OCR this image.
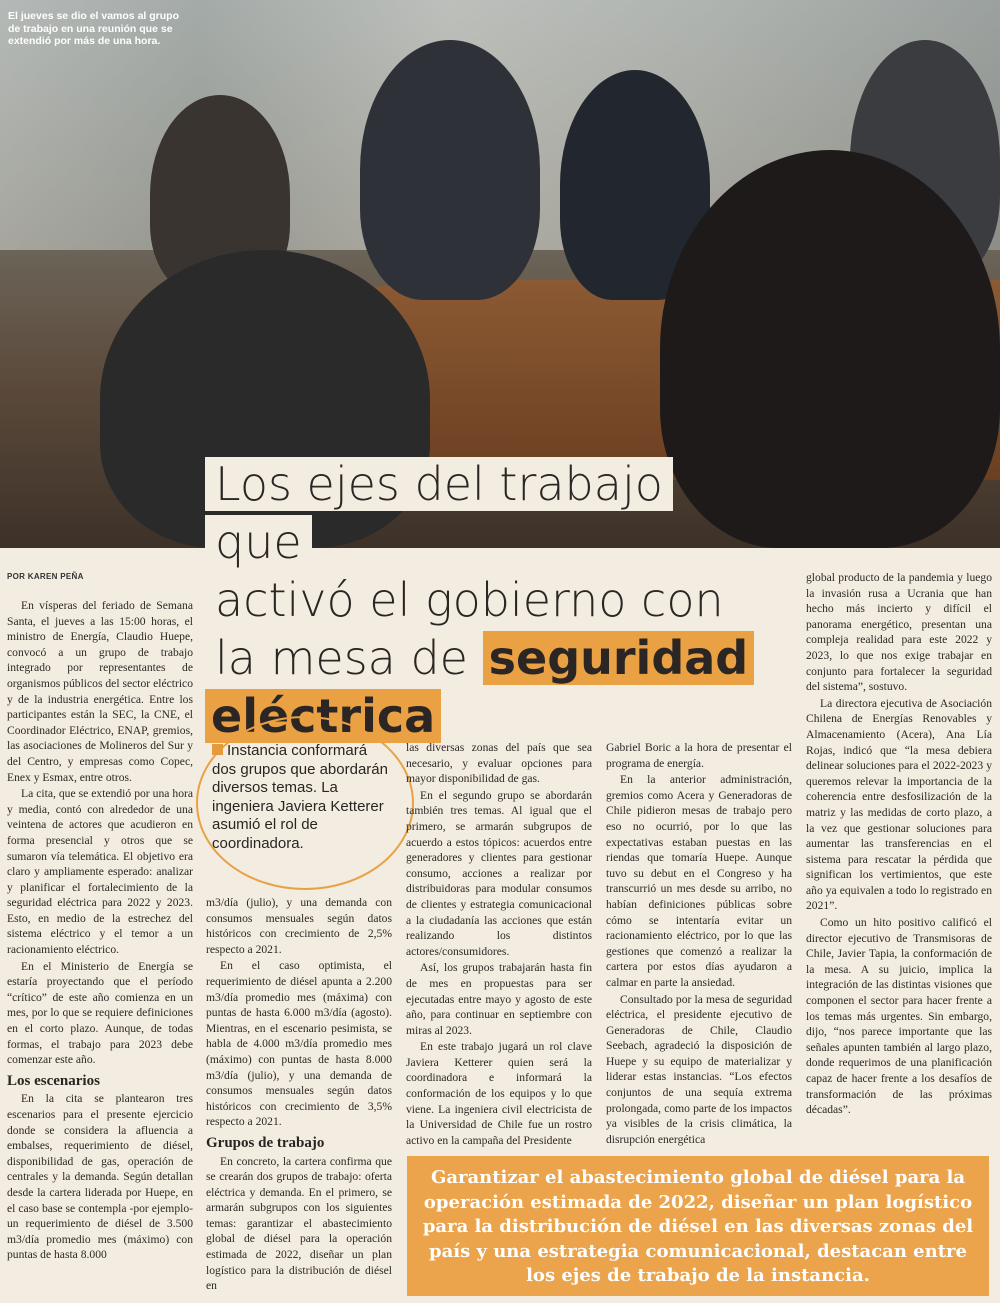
El jueves se dio el vamos al grupo de trabajo en una reunión que se extendió por más de una hora.
Los ejes del trabajo que
activó el gobierno con
la mesa de seguridad
eléctrica
POR KAREN PEÑA

En vísperas del feriado de Semana Santa, el jueves a las 15:00 horas, el ministro de Energía, Claudio Huepe, convocó a un grupo de trabajo integrado por representantes de organismos públicos del sector eléctrico y de la industria energética. Entre los participantes están la SEC, la CNE, el Coordinador Eléctrico, ENAP, gremios, las asociaciones de Molineros del Sur y del Centro, y empresas como Copec, Enex y Esmax, entre otros.

La cita, que se extendió por una hora y media, contó con alrededor de una veintena de actores que acudieron en forma presencial y otros que se sumaron vía telemática. El objetivo era claro y ampliamente esperado: analizar y planificar el fortalecimiento de la seguridad eléctrica para 2022 y 2023. Esto, en medio de la estrechez del sistema eléctrico y el temor a un racionamiento eléctrico.

En el Ministerio de Energía se estaría proyectando que el período “crítico” de este año comienza en un mes, por lo que se requiere definiciones en el corto plazo. Aunque, de todas formas, el trabajo para 2023 debe comenzar este año.

Los escenarios

En la cita se plantearon tres escenarios para el presente ejercicio donde se considera la afluencia a embalses, requerimiento de diésel, disponibilidad de gas, operación de centrales y la demanda. Según detallan desde la cartera liderada por Huepe, en el caso base se contempla -por ejemplo- un requerimiento de diésel de 3.500 m3/día promedio mes (máximo) con puntas de hasta 8.000

Instancia conformará dos grupos que abordarán diversos temas. La ingeniera Javiera Ketterer asumió el rol de coordinadora.

m3/día (julio), y una demanda con consumos mensuales según datos históricos con crecimiento de 2,5% respecto a 2021.

En el caso optimista, el requerimiento de diésel apunta a 2.200 m3/día promedio mes (máxima) con puntas de hasta 6.000 m3/día (agosto). Mientras, en el escenario pesimista, se habla de 4.000 m3/día promedio mes (máximo) con puntas de hasta 8.000 m3/día (julio), y una demanda de consumos mensuales según datos históricos con crecimiento de 3,5% respecto a 2021.

Grupos de trabajo

En concreto, la cartera confirma que se crearán dos grupos de trabajo: oferta eléctrica y demanda. En el primero, se armarán subgrupos con los siguientes temas: garantizar el abastecimiento global de diésel para la operación estimada de 2022, diseñar un plan logístico para la distribución de diésel en

las diversas zonas del país que sea necesario, y evaluar opciones para mayor disponibilidad de gas.

En el segundo grupo se abordarán también tres temas. Al igual que el primero, se armarán subgrupos de acuerdo a estos tópicos: acuerdos entre generadores y clientes para gestionar consumo, acciones a realizar por distribuidoras para modular consumos de clientes y estrategia comunicacional a la ciudadanía las acciones que están realizando los distintos actores/consumidores.

Así, los grupos trabajarán hasta fin de mes en propuestas para ser ejecutadas entre mayo y agosto de este año, para continuar en septiembre con miras al 2023.

En este trabajo jugará un rol clave Javiera Ketterer quien será la coordinadora e informará la conformación de los equipos y lo que viene. La ingeniera civil electricista de la Universidad de Chile fue un rostro activo en la campaña del Presidente

Gabriel Boric a la hora de presentar el programa de energía.

En la anterior administración, gremios como Acera y Generadoras de Chile pidieron mesas de trabajo pero eso no ocurrió, por lo que las expectativas estaban puestas en las riendas que tomaría Huepe. Aunque tuvo su debut en el Congreso y ha transcurrió un mes desde su arribo, no habían definiciones públicas sobre cómo se intentaría evitar un racionamiento eléctrico, por lo que las gestiones que comenzó a realizar la cartera por estos días ayudaron a calmar en parte la ansiedad.

Consultado por la mesa de seguridad eléctrica, el presidente ejecutivo de Generadoras de Chile, Claudio Seebach, agradeció la disposición de Huepe y su equipo de materializar y liderar estas instancias. “Los efectos conjuntos de una sequía extrema prolongada, como parte de los impactos ya visibles de la crisis climática, la disrupción energética

global producto de la pandemia y luego la invasión rusa a Ucrania que han hecho más incierto y difícil el panorama energético, presentan una compleja realidad para este 2022 y 2023, lo que nos exige trabajar en conjunto para fortalecer la seguridad del sistema”, sostuvo.

La directora ejecutiva de Asociación Chilena de Energías Renovables y Almacenamiento (Acera), Ana Lía Rojas, indicó que “la mesa debiera delinear soluciones para el 2022-2023 y queremos relevar la importancia de la coherencia entre desfosilización de la matriz y las medidas de corto plazo, a la vez que gestionar soluciones para aumentar las transferencias en el sistema para rescatar la pérdida que significan los vertimientos, que este año ya equivalen a todo lo registrado en 2021”.

Como un hito positivo calificó el director ejecutivo de Transmisoras de Chile, Javier Tapia, la conformación de la mesa. A su juicio, implica la integración de las distintas visiones que componen el sector para hacer frente a los temas más urgentes. Sin embargo, dijo, “nos parece importante que las señales apunten también al largo plazo, donde requerimos de una planificación capaz de hacer frente a los desafíos de transformación de las próximas décadas”.

Garantizar el abastecimiento global de diésel para la operación estimada de 2022, diseñar un plan logístico para la distribución de diésel en las diversas zonas del país y una estrategia comunicacional, destacan entre los ejes de trabajo de la instancia.
